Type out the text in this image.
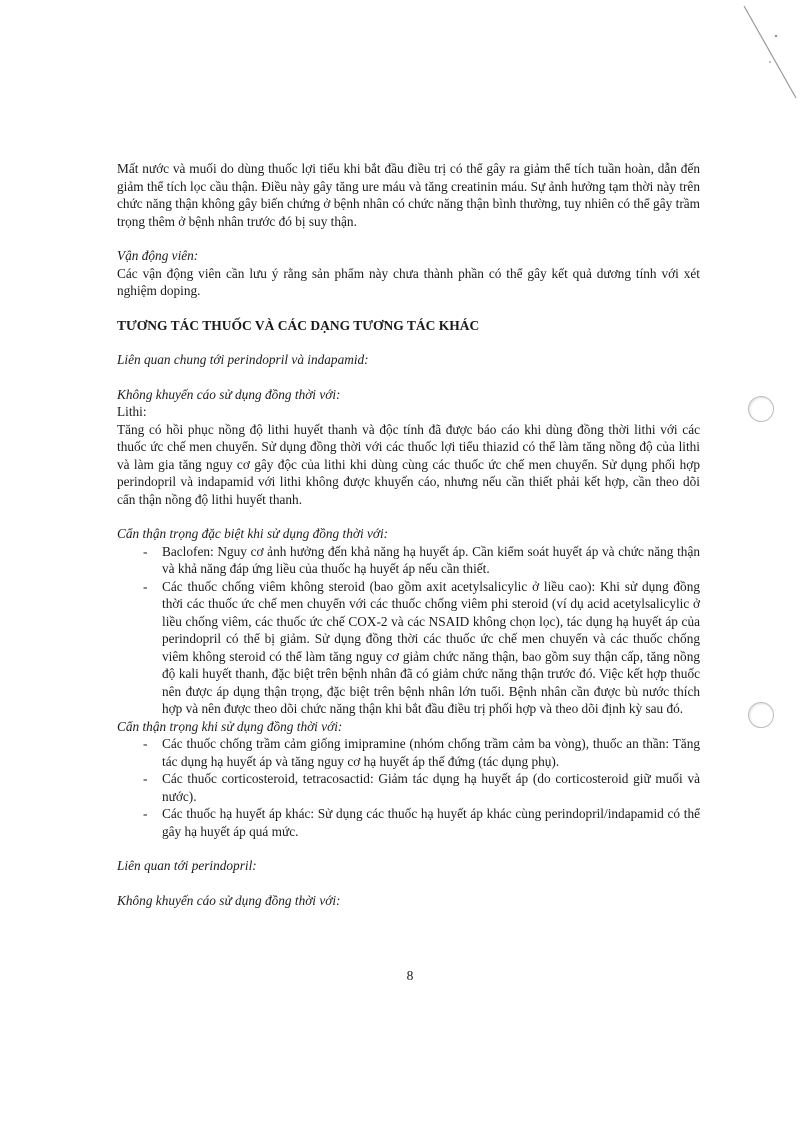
Mất nước và muối do dùng thuốc lợi tiểu khi bắt đầu điều trị có thể gây ra giảm thể tích tuần hoàn, dẫn đến giảm thể tích lọc cầu thận. Điều này gây tăng ure máu và tăng creatinin máu. Sự ảnh hưởng tạm thời này trên chức năng thận không gây biến chứng ở bệnh nhân có chức năng thận bình thường, tuy nhiên có thể gây trầm trọng thêm ở bệnh nhân trước đó bị suy thận.

Vận động viên:

Các vận động viên cần lưu ý rằng sản phẩm này chưa thành phần có thể gây kết quả dương tính với xét nghiệm doping.

TƯƠNG TÁC THUỐC VÀ CÁC DẠNG TƯƠNG TÁC KHÁC

Liên quan chung tới perindopril và indapamid:

Không khuyến cáo sử dụng đồng thời với:

Lithi:

Tăng có hồi phục nồng độ lithi huyết thanh và độc tính đã được báo cáo khi dùng đồng thời lithi với các thuốc ức chế men chuyển. Sử dụng đồng thời với các thuốc lợi tiểu thiazid có thể làm tăng nồng độ của lithi và làm gia tăng nguy cơ gây độc của lithi khi dùng cùng các thuốc ức chế men chuyển. Sử dụng phối hợp perindopril và indapamid với lithi không được khuyến cáo, nhưng nếu cần thiết phải kết hợp, cần theo dõi cẩn thận nồng độ lithi huyết thanh.

Cẩn thận trọng đặc biệt khi sử dụng đồng thời với:

- Baclofen: Nguy cơ ảnh hưởng đến khả năng hạ huyết áp. Cần kiểm soát huyết áp và chức năng thận và khả năng đáp ứng liều của thuốc hạ huyết áp nếu cần thiết.
- Các thuốc chống viêm không steroid (bao gồm axit acetylsalicylic ở liều cao): Khi sử dụng đồng thời các thuốc ức chế men chuyển với các thuốc chống viêm phi steroid (ví dụ acid acetylsalicylic ở liều chống viêm, các thuốc ức chế COX-2 và các NSAID không chọn lọc), tác dụng hạ huyết áp của perindopril có thể bị giảm. Sử dụng đồng thời các thuốc ức chế men chuyển và các thuốc chống viêm không steroid có thể làm tăng nguy cơ giảm chức năng thận, bao gồm suy thận cấp, tăng nồng độ kali huyết thanh, đặc biệt trên bệnh nhân đã có giảm chức năng thận trước đó. Việc kết hợp thuốc nên được áp dụng thận trọng, đặc biệt trên bệnh nhân lớn tuổi. Bệnh nhân cần được bù nước thích hợp và nên được theo dõi chức năng thận khi bắt đầu điều trị phối hợp và theo dõi định kỳ sau đó.

Cẩn thận trọng khi sử dụng đồng thời với:

- Các thuốc chống trầm cảm giống imipramine (nhóm chống trầm cảm ba vòng), thuốc an thần: Tăng tác dụng hạ huyết áp và tăng nguy cơ hạ huyết áp thế đứng (tác dụng phụ).
- Các thuốc corticosteroid, tetracosactid: Giảm tác dụng hạ huyết áp (do corticosteroid giữ muối và nước).
- Các thuốc hạ huyết áp khác: Sử dụng các thuốc hạ huyết áp khác cùng perindopril/indapamid có thể gây hạ huyết áp quá mức.

Liên quan tới perindopril:

Không khuyến cáo sử dụng đồng thời với:

8
